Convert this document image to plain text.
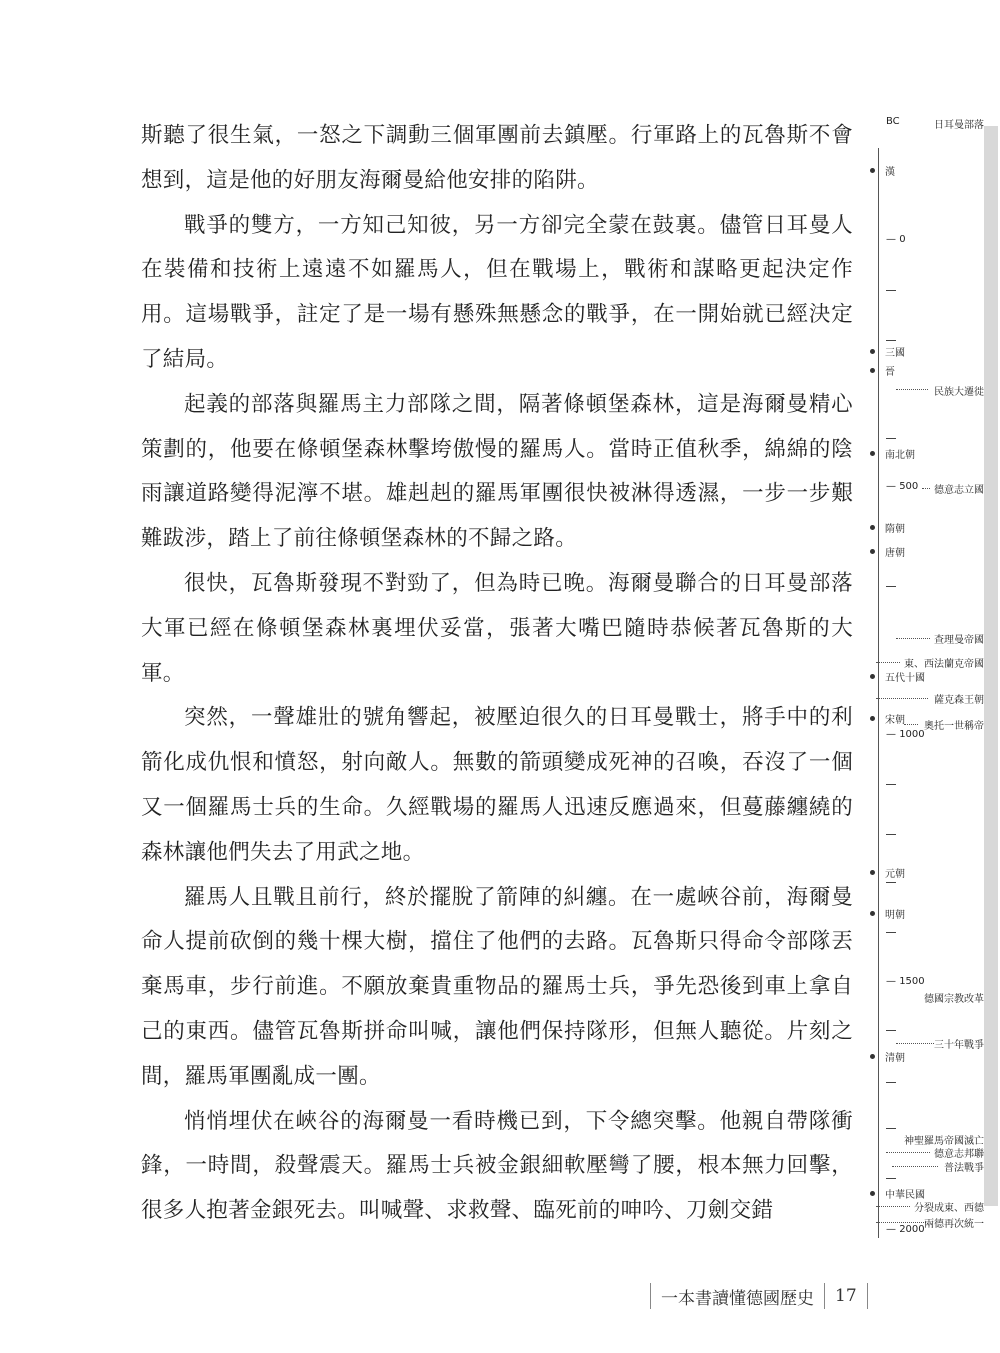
斯聽了很生氣，一怒之下調動三個軍團前去鎮壓。行軍路上的瓦魯斯不會想到，這是他的好朋友海爾曼給他安排的陷阱。

戰爭的雙方，一方知己知彼，另一方卻完全蒙在鼓裏。儘管日耳曼人在裝備和技術上遠遠不如羅馬人，但在戰場上，戰術和謀略更起決定作用。這場戰爭，註定了是一場有懸殊無懸念的戰爭，在一開始就已經決定了結局。

起義的部落與羅馬主力部隊之間，隔著條頓堡森林，這是海爾曼精心策劃的，他要在條頓堡森林擊垮傲慢的羅馬人。當時正值秋季，綿綿的陰雨讓道路變得泥濘不堪。雄赳赳的羅馬軍團很快被淋得透濕，一步一步艱難跋涉，踏上了前往條頓堡森林的不歸之路。

很快，瓦魯斯發現不對勁了，但為時已晚。海爾曼聯合的日耳曼部落大軍已經在條頓堡森林裏埋伏妥當，張著大嘴巴隨時恭候著瓦魯斯的大軍。

突然，一聲雄壯的號角響起，被壓迫很久的日耳曼戰士，將手中的利箭化成仇恨和憤怒，射向敵人。無數的箭頭變成死神的召喚，吞沒了一個又一個羅馬士兵的生命。久經戰場的羅馬人迅速反應過來，但蔓藤纏繞的森林讓他們失去了用武之地。

羅馬人且戰且前行，終於擺脫了箭陣的糾纏。在一處峽谷前，海爾曼命人提前砍倒的幾十棵大樹，擋住了他們的去路。瓦魯斯只得命令部隊丟棄馬車，步行前進。不願放棄貴重物品的羅馬士兵，爭先恐後到車上拿自己的東西。儘管瓦魯斯拼命叫喊，讓他們保持隊形，但無人聽從。片刻之間，羅馬軍團亂成一團。

悄悄埋伏在峽谷的海爾曼一看時機已到，下令總突擊。他親自帶隊衝鋒，一時間，殺聲震天。羅馬士兵被金銀細軟壓彎了腰，根本無力回擊，很多人抱著金銀死去。叫喊聲、求救聲、臨死前的呻吟、刀劍交錯

BC
漢
三國
晉
南北朝
隋朝
唐朝
五代十國
宋朝
元朝
明朝
清朝
中華民國
— 0
— 500
— 1000
— 1500
— 2000
日耳曼部落
民族大遷徙
德意志立國
查理曼帝國
東、西法蘭克帝國
薩克森王朝
奧托一世稱帝
德國宗教改革
三十年戰爭
神聖羅馬帝國滅亡
德意志邦聯
普法戰爭
分裂成東、西德
兩德再次統一
一本書讀懂德國歷史 17
